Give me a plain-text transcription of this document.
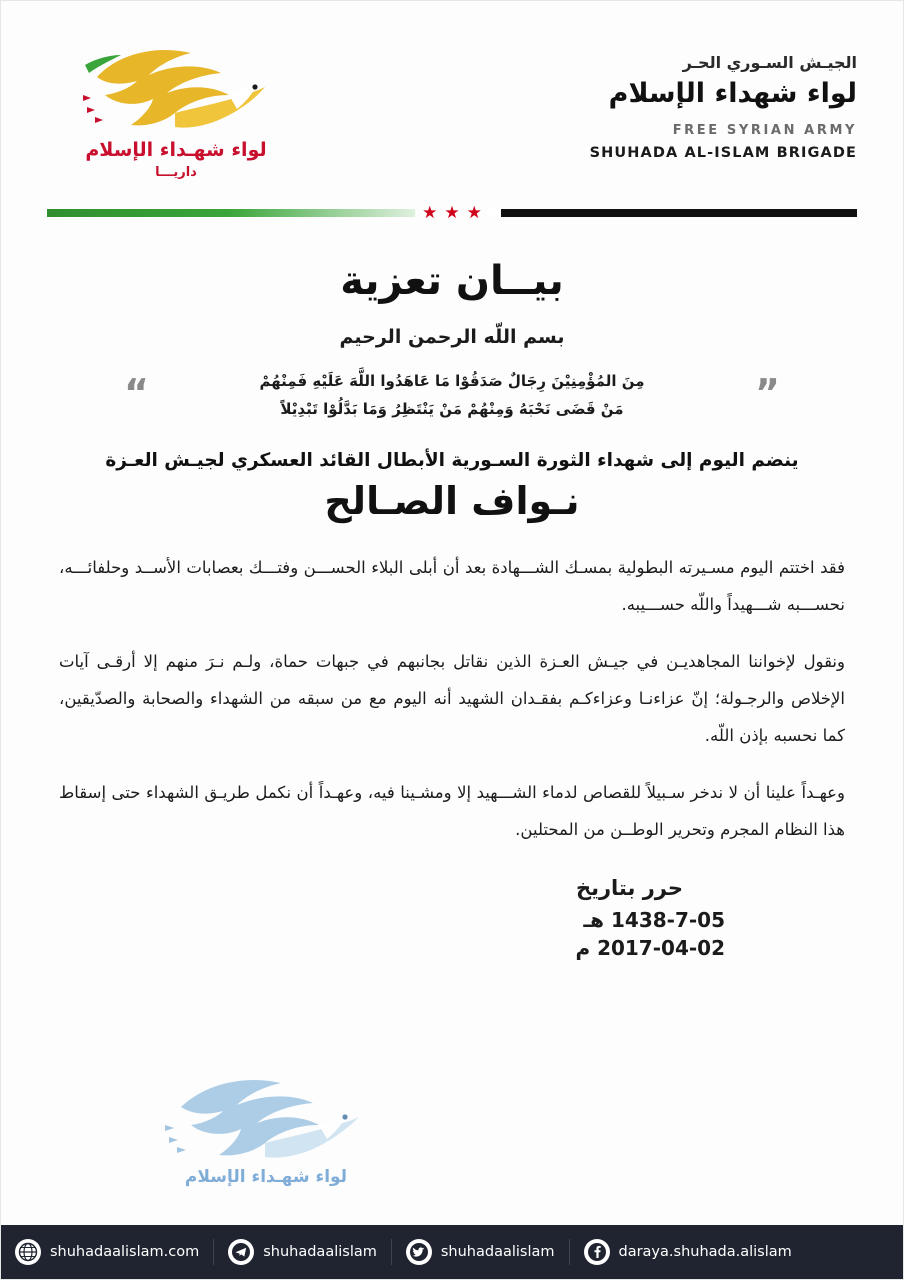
الجيـش السـوري الحـر
لواء شهداء الإسلام
FREE SYRIAN ARMY
SHUHADA AL-ISLAM BRIGADE
لواء شهـداء الإسلام
داريـــا
★
★
★
بيــان تعزية
بسم اللّه الرحمن الرحيم
”
“	مِنَ المُؤْمِنِيْنَ رِجَالٌ صَدَقُوْا مَا عَاهَدُوا اللَّهَ عَلَيْهِ فَمِنْهُمْ
مَنْ قَضَى نَحْبَهُ وَمِنْهُمْ مَنْ يَنْتَظِرُ وَمَا بَدَّلُوْا تَبْدِيْلاً
ينضم اليوم إلى شهداء الثورة السـورية الأبطال القائد العسكري لجيـش العـزة
نـواف الصـالح

فقد اختتم اليوم مسـيرته البطولية بمسـك الشـــهادة بعد أن أبلى البلاء الحســـن وفتـــك بعصابات الأســد وحلفائـــه، نحســـبه شـــهيداً واللّه حســـيبه.

ونقول لإخواننا المجاهديـن في جيـش العـزة الذين نقاتل بجانبهم في جبهات حماة، ولـم نـرَ منهم إلا أرقـى آيات الإخلاص والرجـولة؛ إنّ عزاءنـا وعزاءكـم بفقـدان الشهيد أنه اليوم مع من سبقه من الشهداء والصحابة والصدّيقين، كما نحسبه بإذن اللّه.

وعهـداً علينا أن لا ندخر سـبيلاً للقصاص لدماء الشـــهيد إلا ومشـينا فيه، وعهـداً أن نكمل طريـق الشهداء حتى إسقاط هذا النظام المجرم وتحرير الوطــن من المحتلين.

حرر بتاريخ
1438-7-05 هـ
2017-04-02 م
لواء شهـداء الإسلام
shuhadaalislam.com	shuhadaalislam	shuhadaalislam	daraya.shuhada.alislam
